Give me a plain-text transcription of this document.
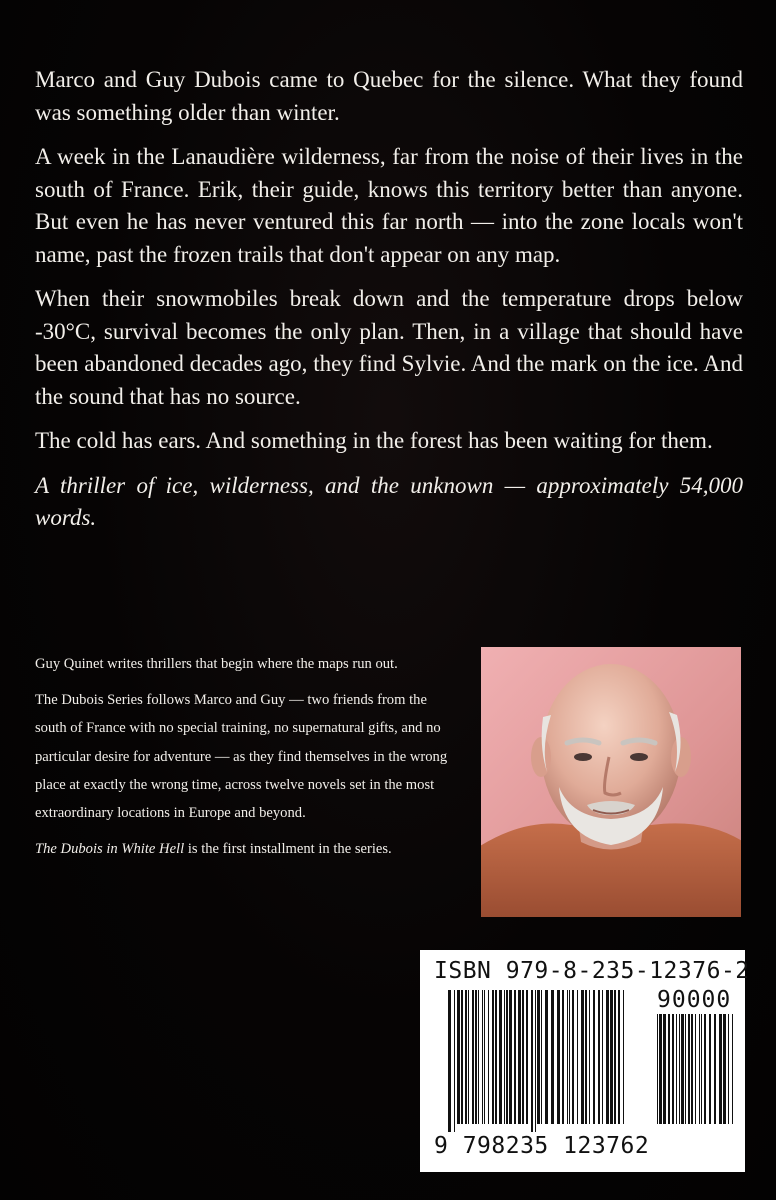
Marco and Guy Dubois came to Quebec for the silence. What they found was something older than winter.

A week in the Lanaudière wilderness, far from the noise of their lives in the south of France. Erik, their guide, knows this territory better than anyone. But even he has never ventured this far north — into the zone locals won't name, past the frozen trails that don't appear on any map.

When their snowmobiles break down and the temperature drops below -30°C, survival becomes the only plan. Then, in a village that should have been abandoned decades ago, they find Sylvie. And the mark on the ice. And the sound that has no source.

The cold has ears. And something in the forest has been waiting for them.

A thriller of ice, wilderness, and the unknown — approximately 54,000 words.

Guy Quinet writes thrillers that begin where the maps run out.

The Dubois Series follows Marco and Guy — two friends from the south of France with no special training, no supernatural gifts, and no particular desire for adventure — as they find themselves in the wrong place at exactly the wrong time, across twelve novels set in the most extraordinary locations in Europe and beyond.

The Dubois in White Hell is the first installment in the series.

ISBN 979-8-235-12376-2
90000
9 798235 123762
